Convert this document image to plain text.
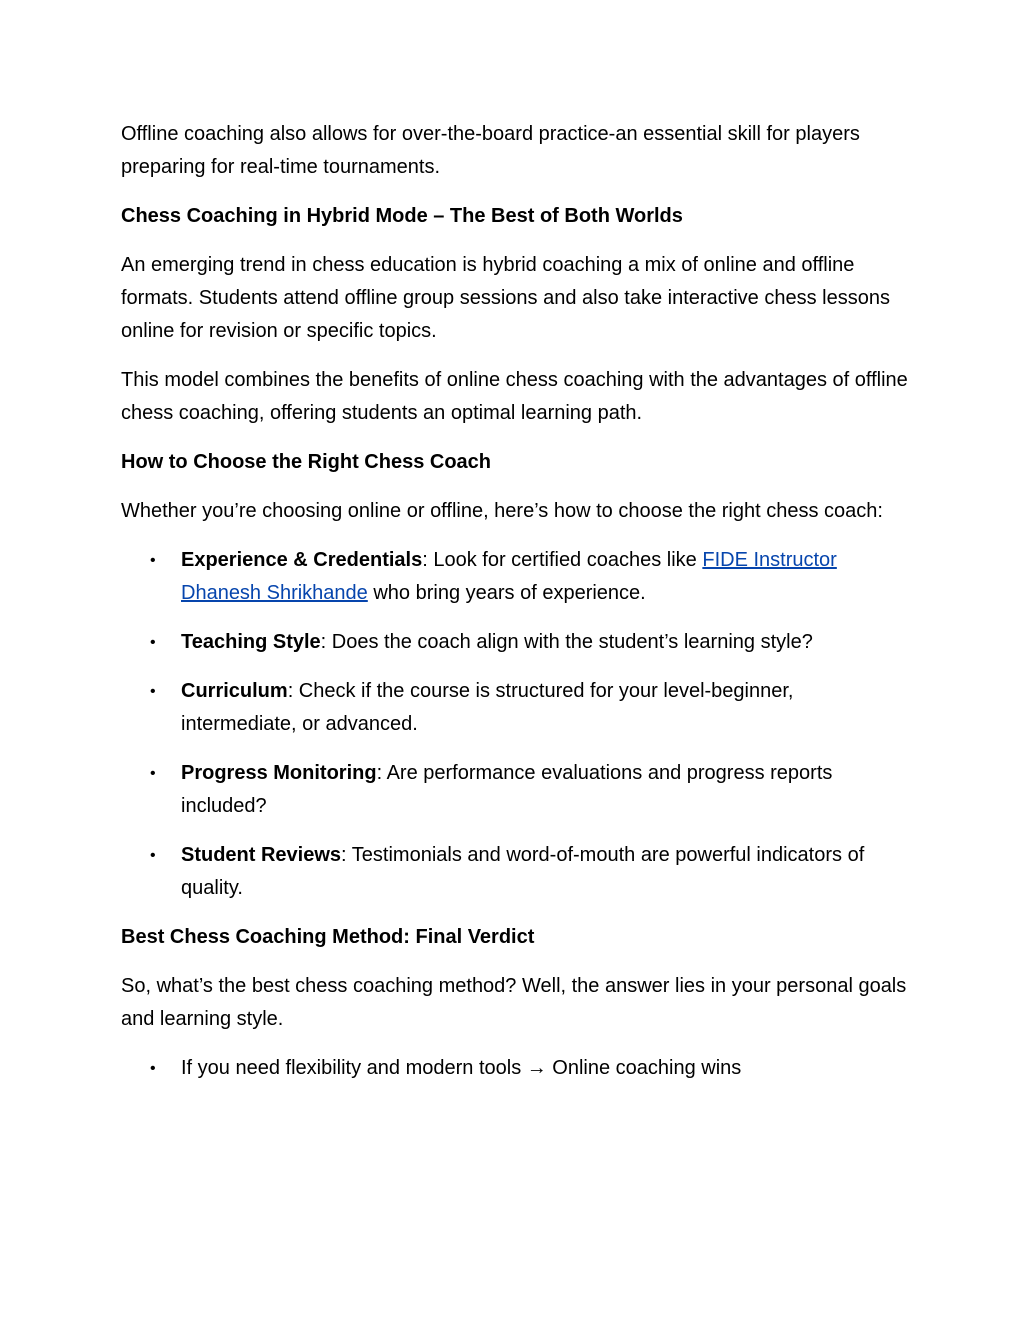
Offline coaching also allows for over-the-board practice-an essential skill for players preparing for real-time tournaments.

Chess Coaching in Hybrid Mode – The Best of Both Worlds

An emerging trend in chess education is hybrid coaching a mix of online and offline formats. Students attend offline group sessions and also take interactive chess lessons online for revision or specific topics.

This model combines the benefits of online chess coaching with the advantages of offline chess coaching, offering students an optimal learning path.

How to Choose the Right Chess Coach

Whether you’re choosing online or offline, here’s how to choose the right chess coach:

• Experience & Credentials: Look for certified coaches like FIDE Instructor Dhanesh Shrikhande who bring years of experience.
• Teaching Style: Does the coach align with the student’s learning style?
• Curriculum: Check if the course is structured for your level-beginner, intermediate, or advanced.
• Progress Monitoring: Are performance evaluations and progress reports included?
• Student Reviews: Testimonials and word-of-mouth are powerful indicators of quality.

Best Chess Coaching Method: Final Verdict

So, what’s the best chess coaching method? Well, the answer lies in your personal goals and learning style.

• If you need flexibility and modern tools → Online coaching wins
